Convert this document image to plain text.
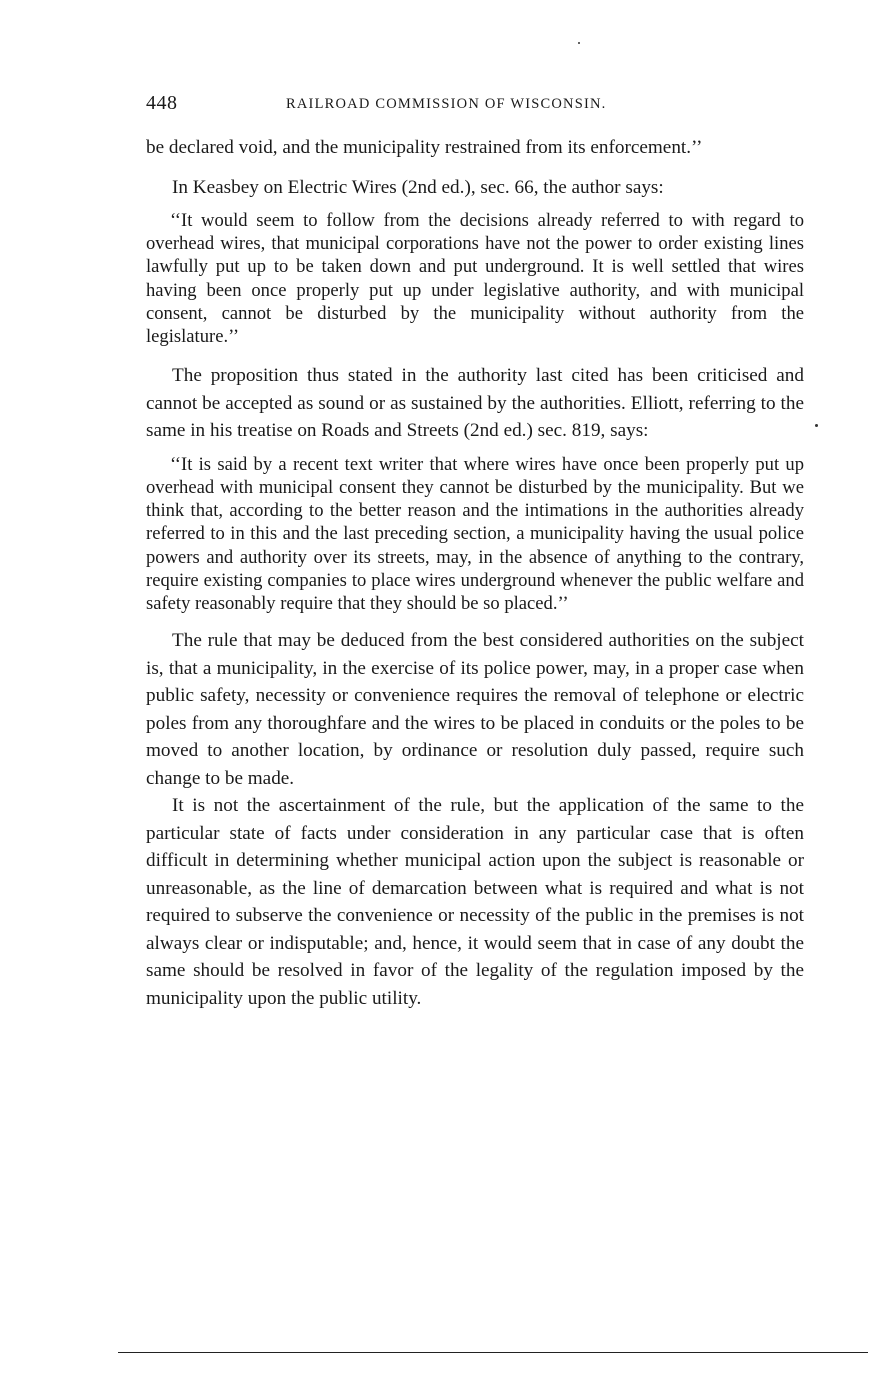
448	RAILROAD COMMISSION OF WISCONSIN.

be declared void, and the municipality restrained from its enforcement.’’

In Keasbey on Electric Wires (2nd ed.), sec. 66, the author says:

‘‘It would seem to follow from the decisions already referred to with regard to overhead wires, that municipal corporations have not the power to order existing lines lawfully put up to be taken down and put underground. It is well settled that wires having been once properly put up under legislative authority, and with municipal consent, cannot be disturbed by the municipality without authority from the legislature.’’

The proposition thus stated in the authority last cited has been criticised and cannot be accepted as sound or as sustained by the authorities. Elliott, referring to the same in his treatise on Roads and Streets (2nd ed.) sec. 819, says:

‘‘It is said by a recent text writer that where wires have once been properly put up overhead with municipal consent they cannot be disturbed by the municipality. But we think that, according to the better reason and the intimations in the authorities already referred to in this and the last preceding section, a municipality having the usual police powers and authority over its streets, may, in the absence of anything to the contrary, require existing companies to place wires underground whenever the public welfare and safety reasonably require that they should be so placed.’’

The rule that may be deduced from the best considered authorities on the subject is, that a municipality, in the exercise of its police power, may, in a proper case when public safety, necessity or convenience requires the removal of telephone or electric poles from any thoroughfare and the wires to be placed in conduits or the poles to be moved to another location, by ordinance or resolution duly passed, require such change to be made.

It is not the ascertainment of the rule, but the application of the same to the particular state of facts under consideration in any particular case that is often difficult in determining whether municipal action upon the subject is reasonable or unreasonable, as the line of demarcation between what is required and what is not required to subserve the convenience or necessity of the public in the premises is not always clear or indisputable; and, hence, it would seem that in case of any doubt the same should be resolved in favor of the legality of the regulation imposed by the municipality upon the public utility.
